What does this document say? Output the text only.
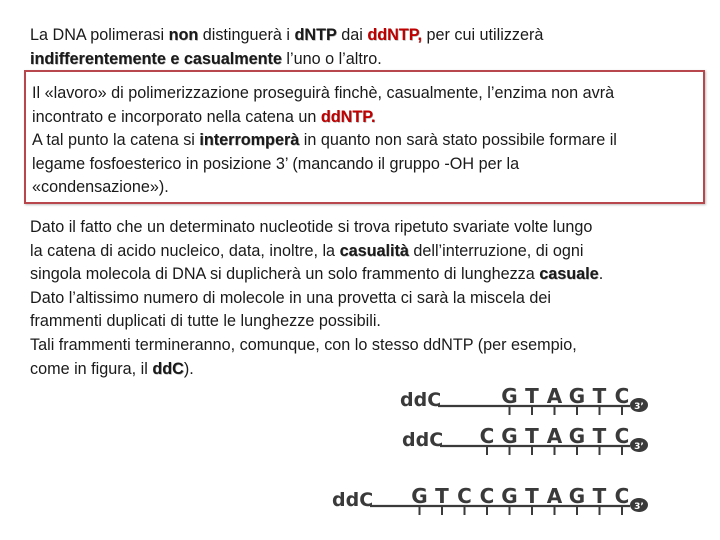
La DNA polimerasi non distinguerà i dNTP dai ddNTP, per cui utilizzerà
indifferentemente e casualmente l’uno o l’altro.
Il «lavoro» di polimerizzazione proseguirà finchè, casualmente, l’enzima non avrà
incontrato e incorporato nella catena un ddNTP.
A tal punto la catena si interromperà in quanto non sarà stato possibile formare il
legame fosfoesterico in posizione 3’ (mancando il gruppo -OH per la
«condensazione»).
Dato il fatto che un determinato nucleotide si trova ripetuto svariate volte lungo
la catena di acido nucleico, data, inoltre, la casualità dell’interruzione, di ogni
singola molecola di DNA si duplicherà un solo frammento di lunghezza casuale.
Dato l’altissimo numero di molecole in una provetta ci sarà la miscela dei
frammenti duplicati di tutte le lunghezze possibili.
Tali frammenti termineranno, comunque, con lo stesso ddNTP (per esempio,
come in figura, il ddC).
ddC	G T A G T C 3’
ddC C G T A G T C 3’
ddC G T C C G T A G T C 3’
